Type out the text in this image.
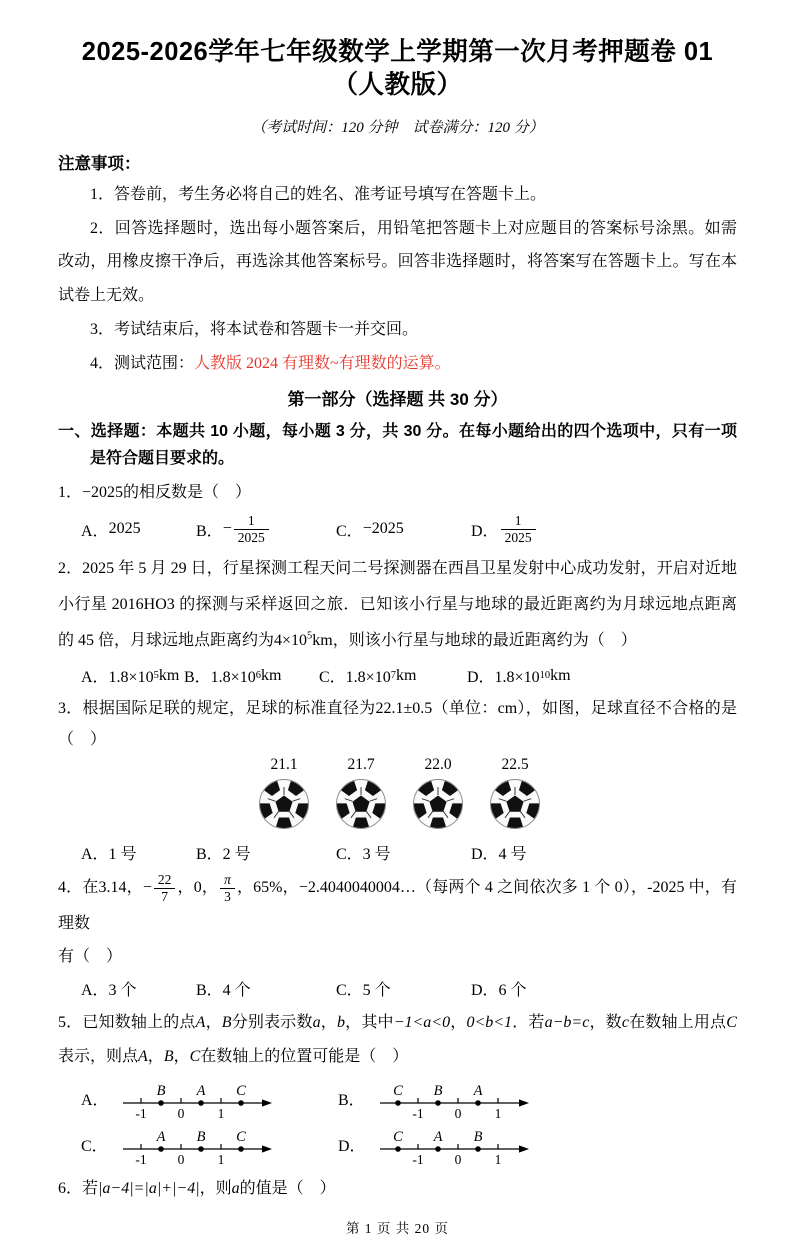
2025-2026学年七年级数学上学期第一次月考押题卷 01（人教版）
（考试时间：120 分钟　试卷满分：120 分）
注意事项：

1．答卷前，考生务必将自己的姓名、准考证号填写在答题卡上。

2．回答选择题时，选出每小题答案后，用铅笔把答题卡上对应题目的答案标号涂黑。如需改动，用橡皮擦干净后，再选涂其他答案标号。回答非选择题时，将答案写在答题卡上。写在本试卷上无效。

3．考试结束后，将本试卷和答题卡一并交回。

4．测试范围：人教版 2024 有理数~有理数的运算。

第一部分（选择题 共 30 分）

一、选择题：本题共 10 小题，每小题 3 分，共 30 分。在每小题给出的四个选项中，只有一项是符合题目要求的。

1．−2025的相反数是（　）

A． 2025	B． − $\frac{1}{2025}$	C． −2025	D． $\frac{1}{2025}$

2．2025 年 5 月 29 日，行星探测工程天问二号探测器在西昌卫星发射中心成功发射，开启对近地小行星 2016HO3 的探测与采样返回之旅．已知该小行星与地球的最近距离约为月球远地点距离的 45 倍，月球远地点距离约为$4\times 10^5km$，则该小行星与地球的最近距离约为（　）

A．1.8×10 5 km B．1.8×10 6 km C．1.8×10 7 km	D．1.8×10 10 km

3．根据国际足联的规定，足球的标准直径为22.1±0.5（单位：cm），如图，足球直径不合格的是（　）

21.1	21.7	22.0	22.5
A．1 号	B．2 号	C．3 号	D．4 号

4．在3.14，− $\frac{22}{7}$ ，0， $\frac{\pi}{3}$ ，65%，−2.4040040004…（每两个 4 之间依次多 1 个 0），-2025 中，有理数

有（　）

A．3 个	B．4 个	C．5 个	D．6 个

5．已知数轴上的点A，B分别表示数a，b，其中−1<a<0，0<b<1．若a−b=c，数c在数轴上用点C表示，则点A，B，C在数轴上的位置可能是（　）

A．
-1 0 1
B A C
B．
-1 0 1
C B A
C．
-1 0 1
A B C
D．
-1 0 1
C A B

6．若|a−4|=|a|+|−4|，则a的值是（　）

第 1 页 共 20 页
